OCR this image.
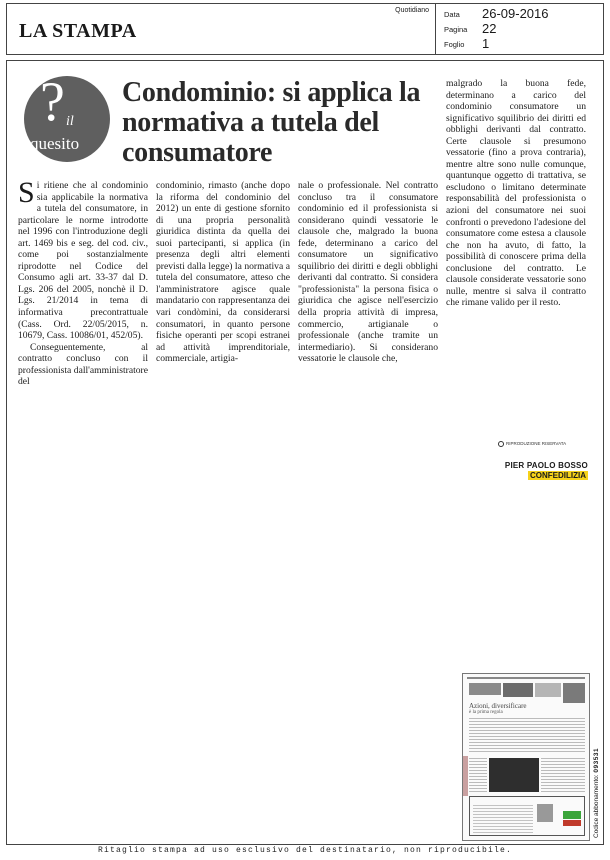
LA STAMPA
Quotidiano Data	26-09-2016
Pagina	22
Foglio	1
? il
quesito
Condominio: si applica la normativa a tutela del consumatore

Si ritiene che al condominio sia applicabile la normativa a tutela del consumatore, in particolare le norme introdotte nel 1996 con l'introduzione degli art. 1469 bis e seg. del cod. civ., come poi sostanzialmente riprodotte nel Codice del Consumo agli art. 33-37 dal D. Lgs. 206 del 2005, nonchè il D. Lgs. 21/2014 in tema di informativa precontrattuale (Cass. Ord. 22/05/2015, n. 10679, Cass. 10086/01, 452/05).

Conseguentemente, al contratto concluso con il professionista dall'amministratore del

condominio, rimasto (anche dopo la riforma del condominio del 2012) un ente di gestione sfornito di una propria personalità giuridica distinta da quella dei suoi partecipanti, si applica (in presenza degli altri elementi previsti dalla legge) la normativa a tutela del consumatore, atteso che l'amministratore agisce quale mandatario con rappresentanza dei vari condòmini, da considerarsi consumatori, in quanto persone fisiche operanti per scopi estranei ad attività imprenditoriale, commerciale, artigia-

nale o professionale. Nel contratto concluso tra il consumatore condominio ed il professionista si considerano quindi vessatorie le clausole che, malgrado la buona fede, determinano a carico del consumatore un significativo squilibrio dei diritti e degli obblighi derivanti dal contratto. Si considera "professionista" la persona fisica o giuridica che agisce nell'esercizio della propria attività di impresa, commercio, artigianale o professionale (anche tramite un intermediario). Si considerano vessatorie le clausole che,

malgrado la buona fede, determinano a carico del condominio consumatore un significativo squilibrio dei diritti ed obblighi derivanti dal contratto. Certe clausole si presumono vessatorie (fino a prova contraria), mentre altre sono nulle comunque, quantunque oggetto di trattativa, se escludono o limitano determinate responsabilità del professionista o azioni del consumatore nei suoi confronti o prevedono l'adesione del consumatore come estesa a clausole che non ha avuto, di fatto, la possibilità di conoscere prima della conclusione del contratto. Le clausole considerate vessatorie sono nulle, mentre si salva il contratto che rimane valido per il resto.

RIPRODUZIONE RISERVATA
PIER PAOLO BOSSO
CONFEDILIZIA
Azioni, diversificare
è la prima regola
Codice abbonamento: 093531
Ritaglio stampa ad uso esclusivo del destinatario, non riproducibile.
